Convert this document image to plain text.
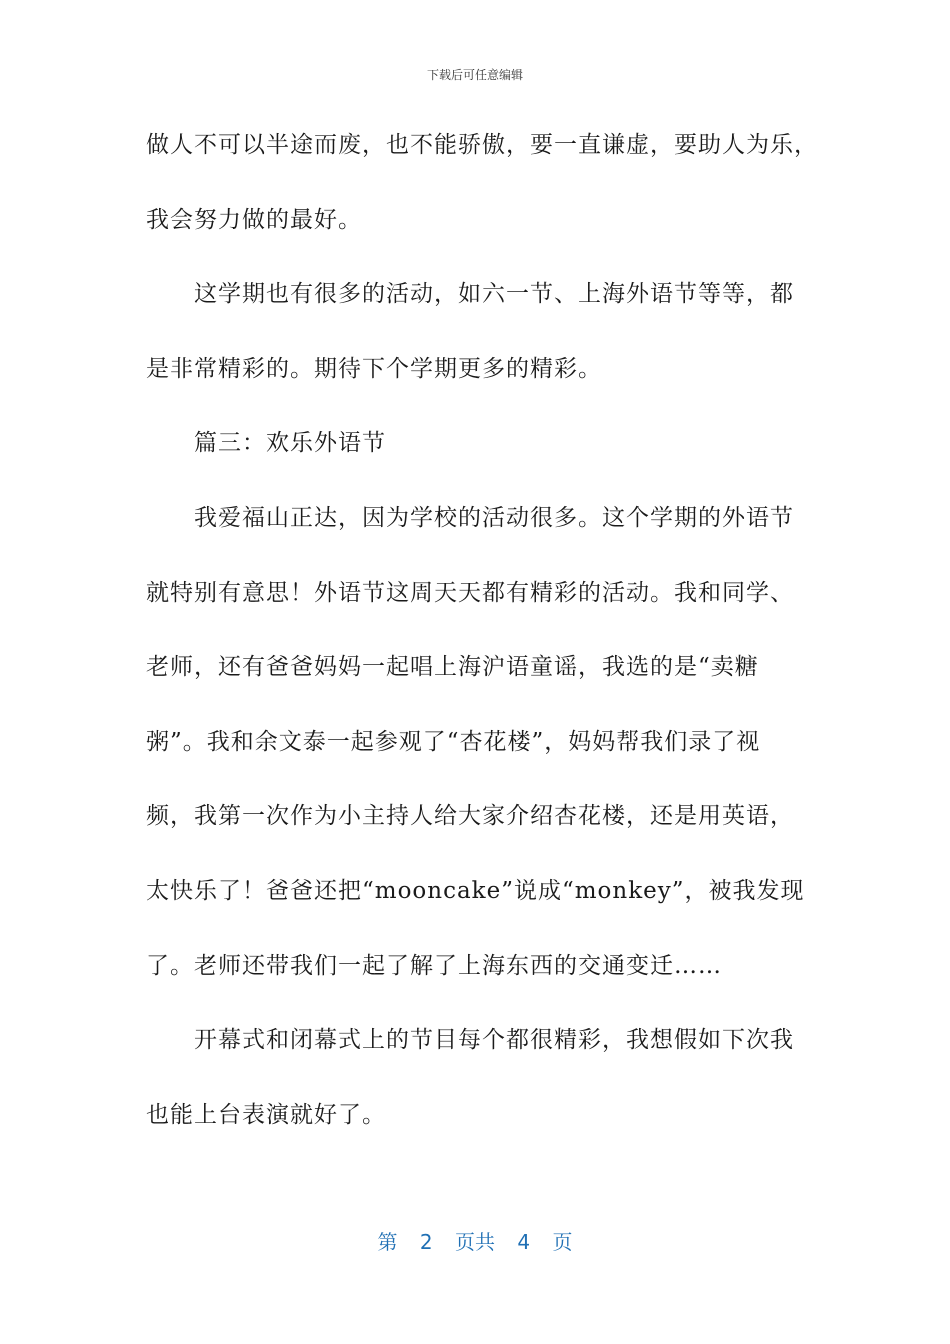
下载后可任意编辑
做人不可以半途而废，也不能骄傲，要一直谦虚，要助人为乐，
我会努力做的最好。
这学期也有很多的活动，如六一节、上海外语节等等，都
是非常精彩的。期待下个学期更多的精彩。
篇三：欢乐外语节
我爱福山正达，因为学校的活动很多。这个学期的外语节
就特别有意思！外语节这周天天都有精彩的活动。我和同学、
老师，还有爸爸妈妈一起唱上海沪语童谣，我选的是“卖糖
粥”。我和余文泰一起参观了“杏花楼”，妈妈帮我们录了视
频，我第一次作为小主持人给大家介绍杏花楼，还是用英语，
太快乐了！爸爸还把“mooncake”说成“monkey”，被我发现
了。老师还带我们一起了解了上海东西的交通变迁……
开幕式和闭幕式上的节目每个都很精彩，我想假如下次我
也能上台表演就好了。
第 2 页共 4 页
